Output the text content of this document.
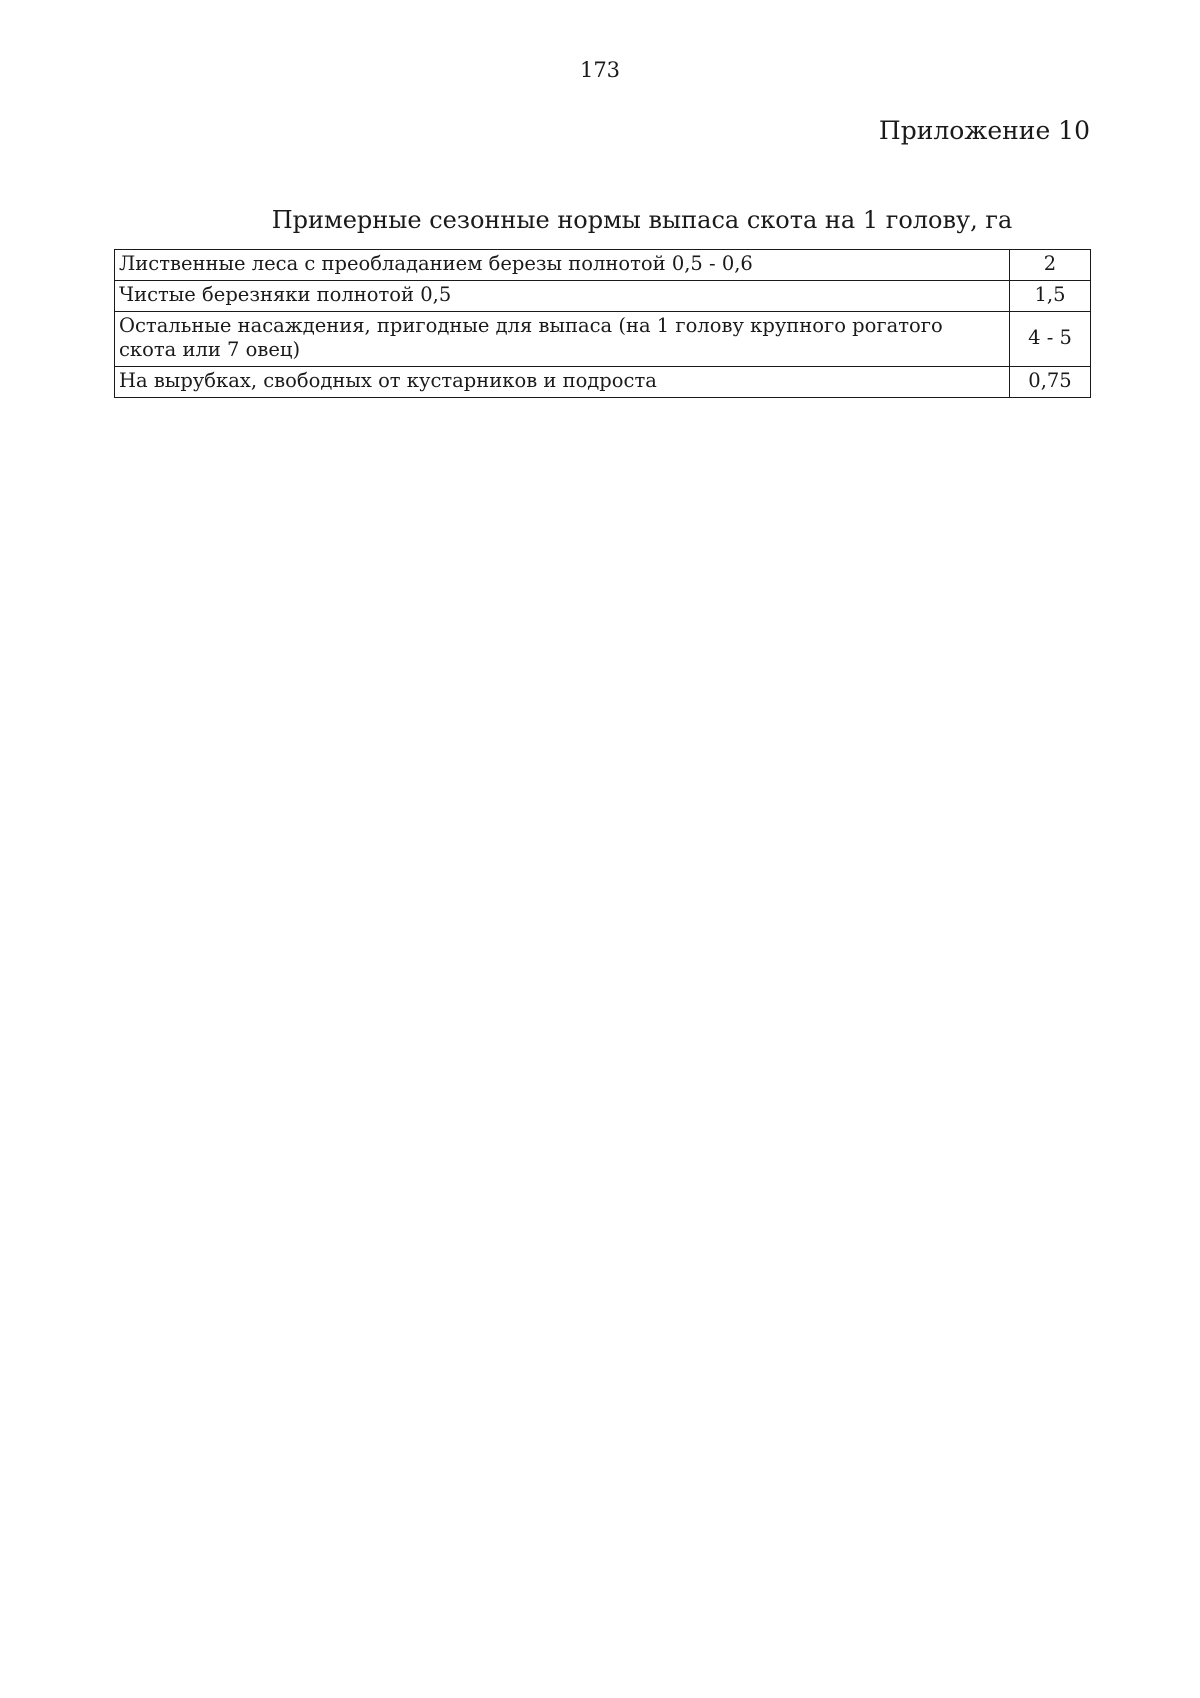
173
Приложение 10
Примерные сезонные нормы выпаса скота на 1 голову, га
Лиственные леса с преобладанием березы полнотой 0,5 - 0,6	2
Чистые березняки полнотой 0,5	1,5
Остальные насаждения, пригодные для выпаса (на 1 голову крупного рогатого скота или 7 овец)	4 - 5
На вырубках, свободных от кустарников и подроста	0,75
